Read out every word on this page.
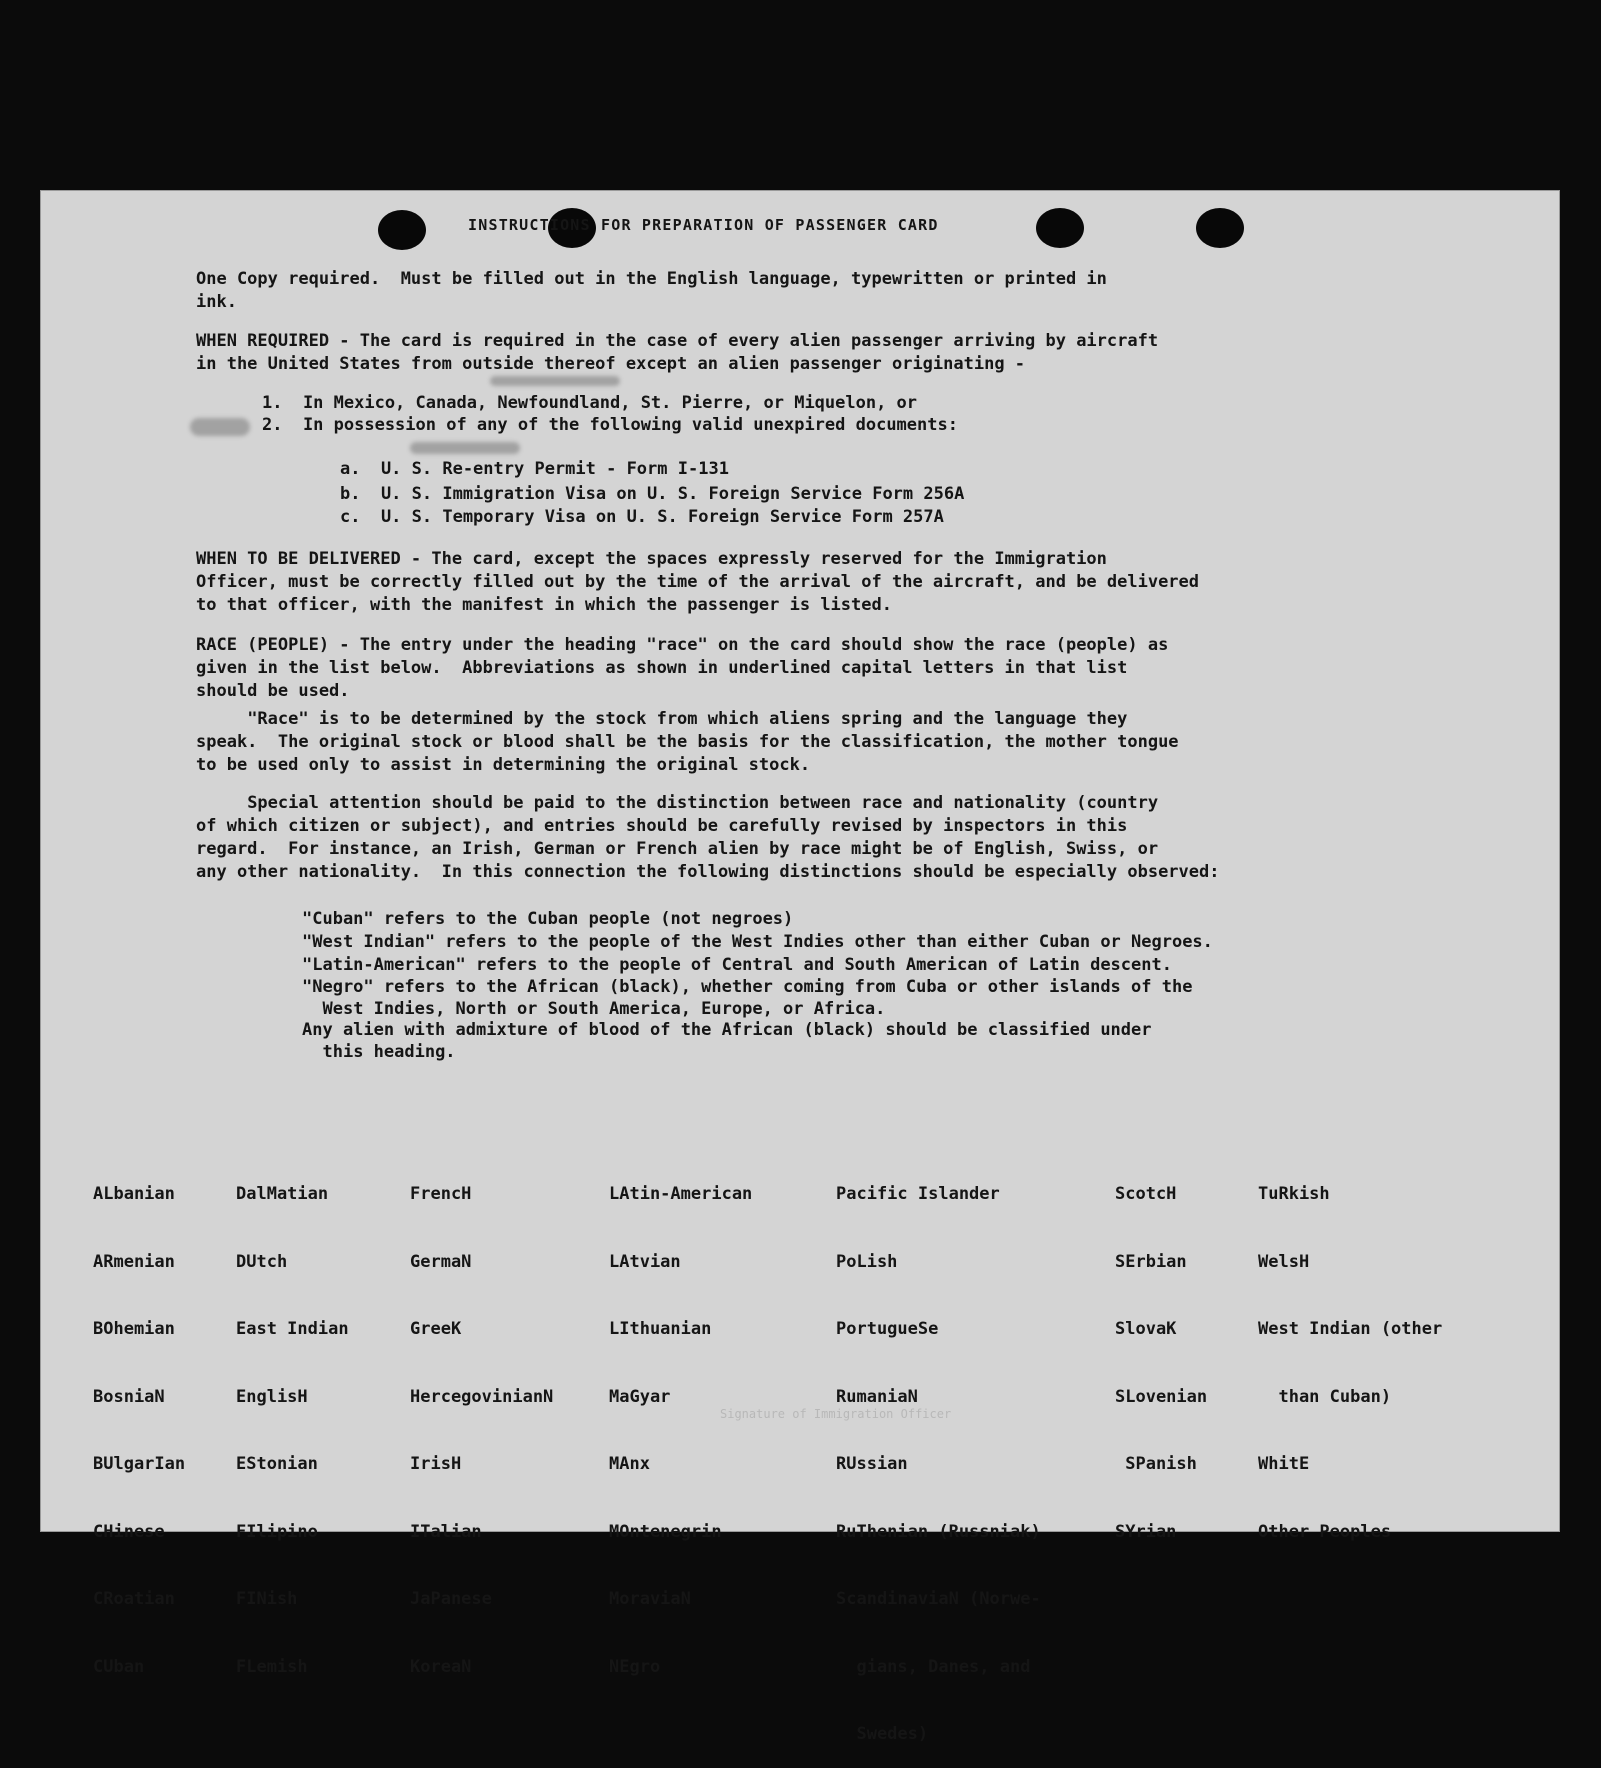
INSTRUCTIONS FOR PREPARATION OF PASSENGER CARD
One Copy required.  Must be filled out in the English language, typewritten or printed in
ink.
WHEN REQUIRED - The card is required in the case of every alien passenger arriving by aircraft
in the United States from outside thereof except an alien passenger originating -
1.  In Mexico, Canada, Newfoundland, St. Pierre, or Miquelon, or
2.  In possession of any of the following valid unexpired documents:
a.  U. S. Re-entry Permit - Form I-131
b.  U. S. Immigration Visa on U. S. Foreign Service Form 256A
c.  U. S. Temporary Visa on U. S. Foreign Service Form 257A
WHEN TO BE DELIVERED - The card, except the spaces expressly reserved for the Immigration
Officer, must be correctly filled out by the time of the arrival of the aircraft, and be delivered
to that officer, with the manifest in which the passenger is listed.
RACE (PEOPLE) - The entry under the heading "race" on the card should show the race (people) as
given in the list below.  Abbreviations as shown in underlined capital letters in that list
should be used.
"Race" is to be determined by the stock from which aliens spring and the language they
speak.  The original stock or blood shall be the basis for the classification, the mother tongue
to be used only to assist in determining the original stock.
Special attention should be paid to the distinction between race and nationality (country
of which citizen or subject), and entries should be carefully revised by inspectors in this
regard.  For instance, an Irish, German or French alien by race might be of English, Swiss, or
any other nationality.  In this connection the following distinctions should be especially observed:
"Cuban" refers to the Cuban people (not negroes)
"West Indian" refers to the people of the West Indies other than either Cuban or Negroes.
"Latin-American" refers to the people of Central and South American of Latin descent.
"Negro" refers to the African (black), whether coming from Cuba or other islands of the
West Indies, North or South America, Europe, or Africa.
Any alien with admixture of blood of the African (black) should be classified under
this heading.
Signature of Immigration Officer

ALbanian

ARmenian

BOhemian

BosniaN

BUlgarIan

CHinese

CRoatian

CUban

DalMatian

DUtch

East Indian

EnglisH

EStonian

FIlipino

FINish

FLemish

FrencH

GermaN

GreeK

HercegovinianN

IrisH

ITalian

JaPanese

KoreaN

LAtin-American

LAtvian

LIthuanian

MaGyar

MAnx

MOntenegrin

MoraviaN

NEgro

Pacific Islander

PoLish

PortugueSe

RumaniaN

RUssian

RuThenian (Russniak)

ScandinaviaN (Norwe-

gians, Danes, and

Swedes)

ScotcH

SErbian

SlovaK

SLovenian

SPanish

SYrian

TuRkish

WelsH

West Indian (other

than Cuban)

WhitE

Other Peoples
